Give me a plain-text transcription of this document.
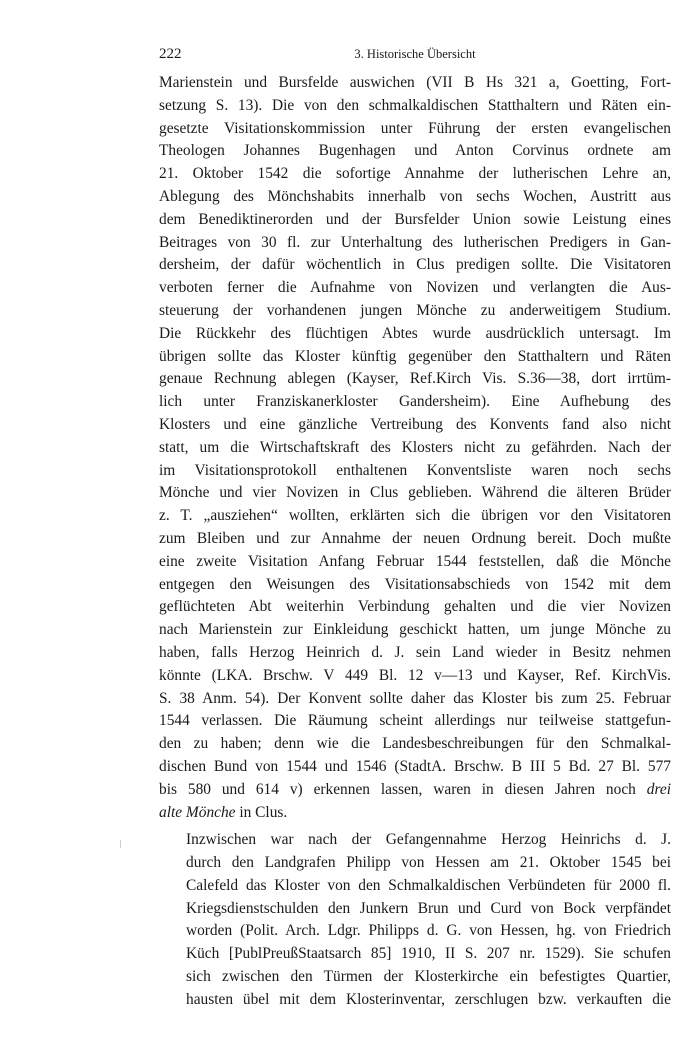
222	3. Historische Übersicht
Marienstein und Bursfelde auswichen (VII B Hs 321 a, Goetting, Fort-
setzung S. 13). Die von den schmalkaldischen Statthaltern und Räten ein-
gesetzte Visitationskommission unter Führung der ersten evangelischen
Theologen Johannes Bugenhagen und Anton Corvinus ordnete am
21. Oktober 1542 die sofortige Annahme der lutherischen Lehre an,
Ablegung des Mönchshabits innerhalb von sechs Wochen, Austritt aus
dem Benediktinerorden und der Bursfelder Union sowie Leistung eines
Beitrages von 30 fl. zur Unterhaltung des lutherischen Predigers in Gan-
dersheim, der dafür wöchentlich in Clus predigen sollte. Die Visitatoren
verboten ferner die Aufnahme von Novizen und verlangten die Aus-
steuerung der vorhandenen jungen Mönche zu anderweitigem Studium.
Die Rückkehr des flüchtigen Abtes wurde ausdrücklich untersagt. Im
übrigen sollte das Kloster künftig gegenüber den Statthaltern und Räten
genaue Rechnung ablegen (Kayser, Ref.Kirch Vis. S.36—38, dort irrtüm-
lich unter Franziskanerkloster Gandersheim). Eine Aufhebung des
Klosters und eine gänzliche Vertreibung des Konvents fand also nicht
statt, um die Wirtschaftskraft des Klosters nicht zu gefährden. Nach der
im Visitationsprotokoll enthaltenen Konventsliste waren noch sechs
Mönche und vier Novizen in Clus geblieben. Während die älteren Brüder
z. T. „ausziehen“ wollten, erklärten sich die übrigen vor den Visitatoren
zum Bleiben und zur Annahme der neuen Ordnung bereit. Doch mußte
eine zweite Visitation Anfang Februar 1544 feststellen, daß die Mönche
entgegen den Weisungen des Visitationsabschieds von 1542 mit dem
geflüchteten Abt weiterhin Verbindung gehalten und die vier Novizen
nach Marienstein zur Einkleidung geschickt hatten, um junge Mönche zu
haben, falls Herzog Heinrich d. J. sein Land wieder in Besitz nehmen
könnte (LKA. Brschw. V 449 Bl. 12 v—13 und Kayser, Ref. KirchVis.
S. 38 Anm. 54). Der Konvent sollte daher das Kloster bis zum 25. Februar
1544 verlassen. Die Räumung scheint allerdings nur teilweise stattgefun-
den zu haben; denn wie die Landesbeschreibungen für den Schmalkal-
dischen Bund von 1544 und 1546 (StadtA. Brschw. B III 5 Bd. 27 Bl. 577
bis 580 und 614 v) erkennen lassen, waren in diesen Jahren noch drei
alte Mönche in Clus.
Inzwischen war nach der Gefangennahme Herzog Heinrichs d. J.
durch den Landgrafen Philipp von Hessen am 21. Oktober 1545 bei
Calefeld das Kloster von den Schmalkaldischen Verbündeten für 2000 fl.
Kriegsdienstschulden den Junkern Brun und Curd von Bock verpfändet
worden (Polit. Arch. Ldgr. Philipps d. G. von Hessen, hg. von Friedrich
Küch [PublPreußStaatsarch 85] 1910, II S. 207 nr. 1529). Sie schufen
sich zwischen den Türmen der Klosterkirche ein befestigtes Quartier,
hausten übel mit dem Klosterinventar, zerschlugen bzw. verkauften die
